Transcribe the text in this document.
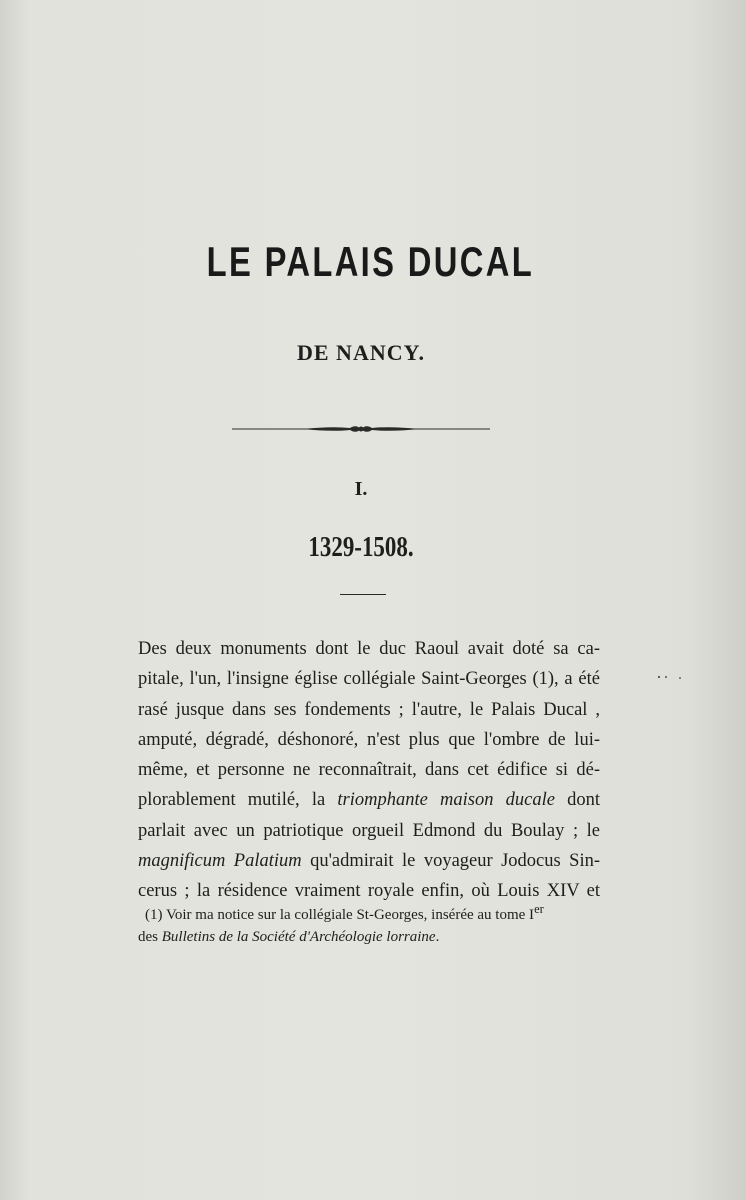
LE PALAIS DUCAL
DE NANCY.
I.
1329-1508.
Des deux monuments dont le duc Raoul avait doté sa ca-
pitale, l'un, l'insigne église collégiale Saint-Georges (1), a été
rasé jusque dans ses fondements ; l'autre, le Palais Ducal ,
amputé, dégradé, déshonoré, n'est plus que l'ombre de lui-
même, et personne ne reconnaîtrait, dans cet édifice si dé-
plorablement mutilé, la triomphante maison ducale dont
parlait avec un patriotique orgueil Edmond du Boulay ; le
magnificum Palatium qu'admirait le voyageur Jodocus Sin-
cerus ; la résidence vraiment royale enfin, où Louis XIV et
(1) Voir ma notice sur la collégiale St-Georges, insérée au tome Ier
des Bulletins de la Société d'Archéologie lorraine.
